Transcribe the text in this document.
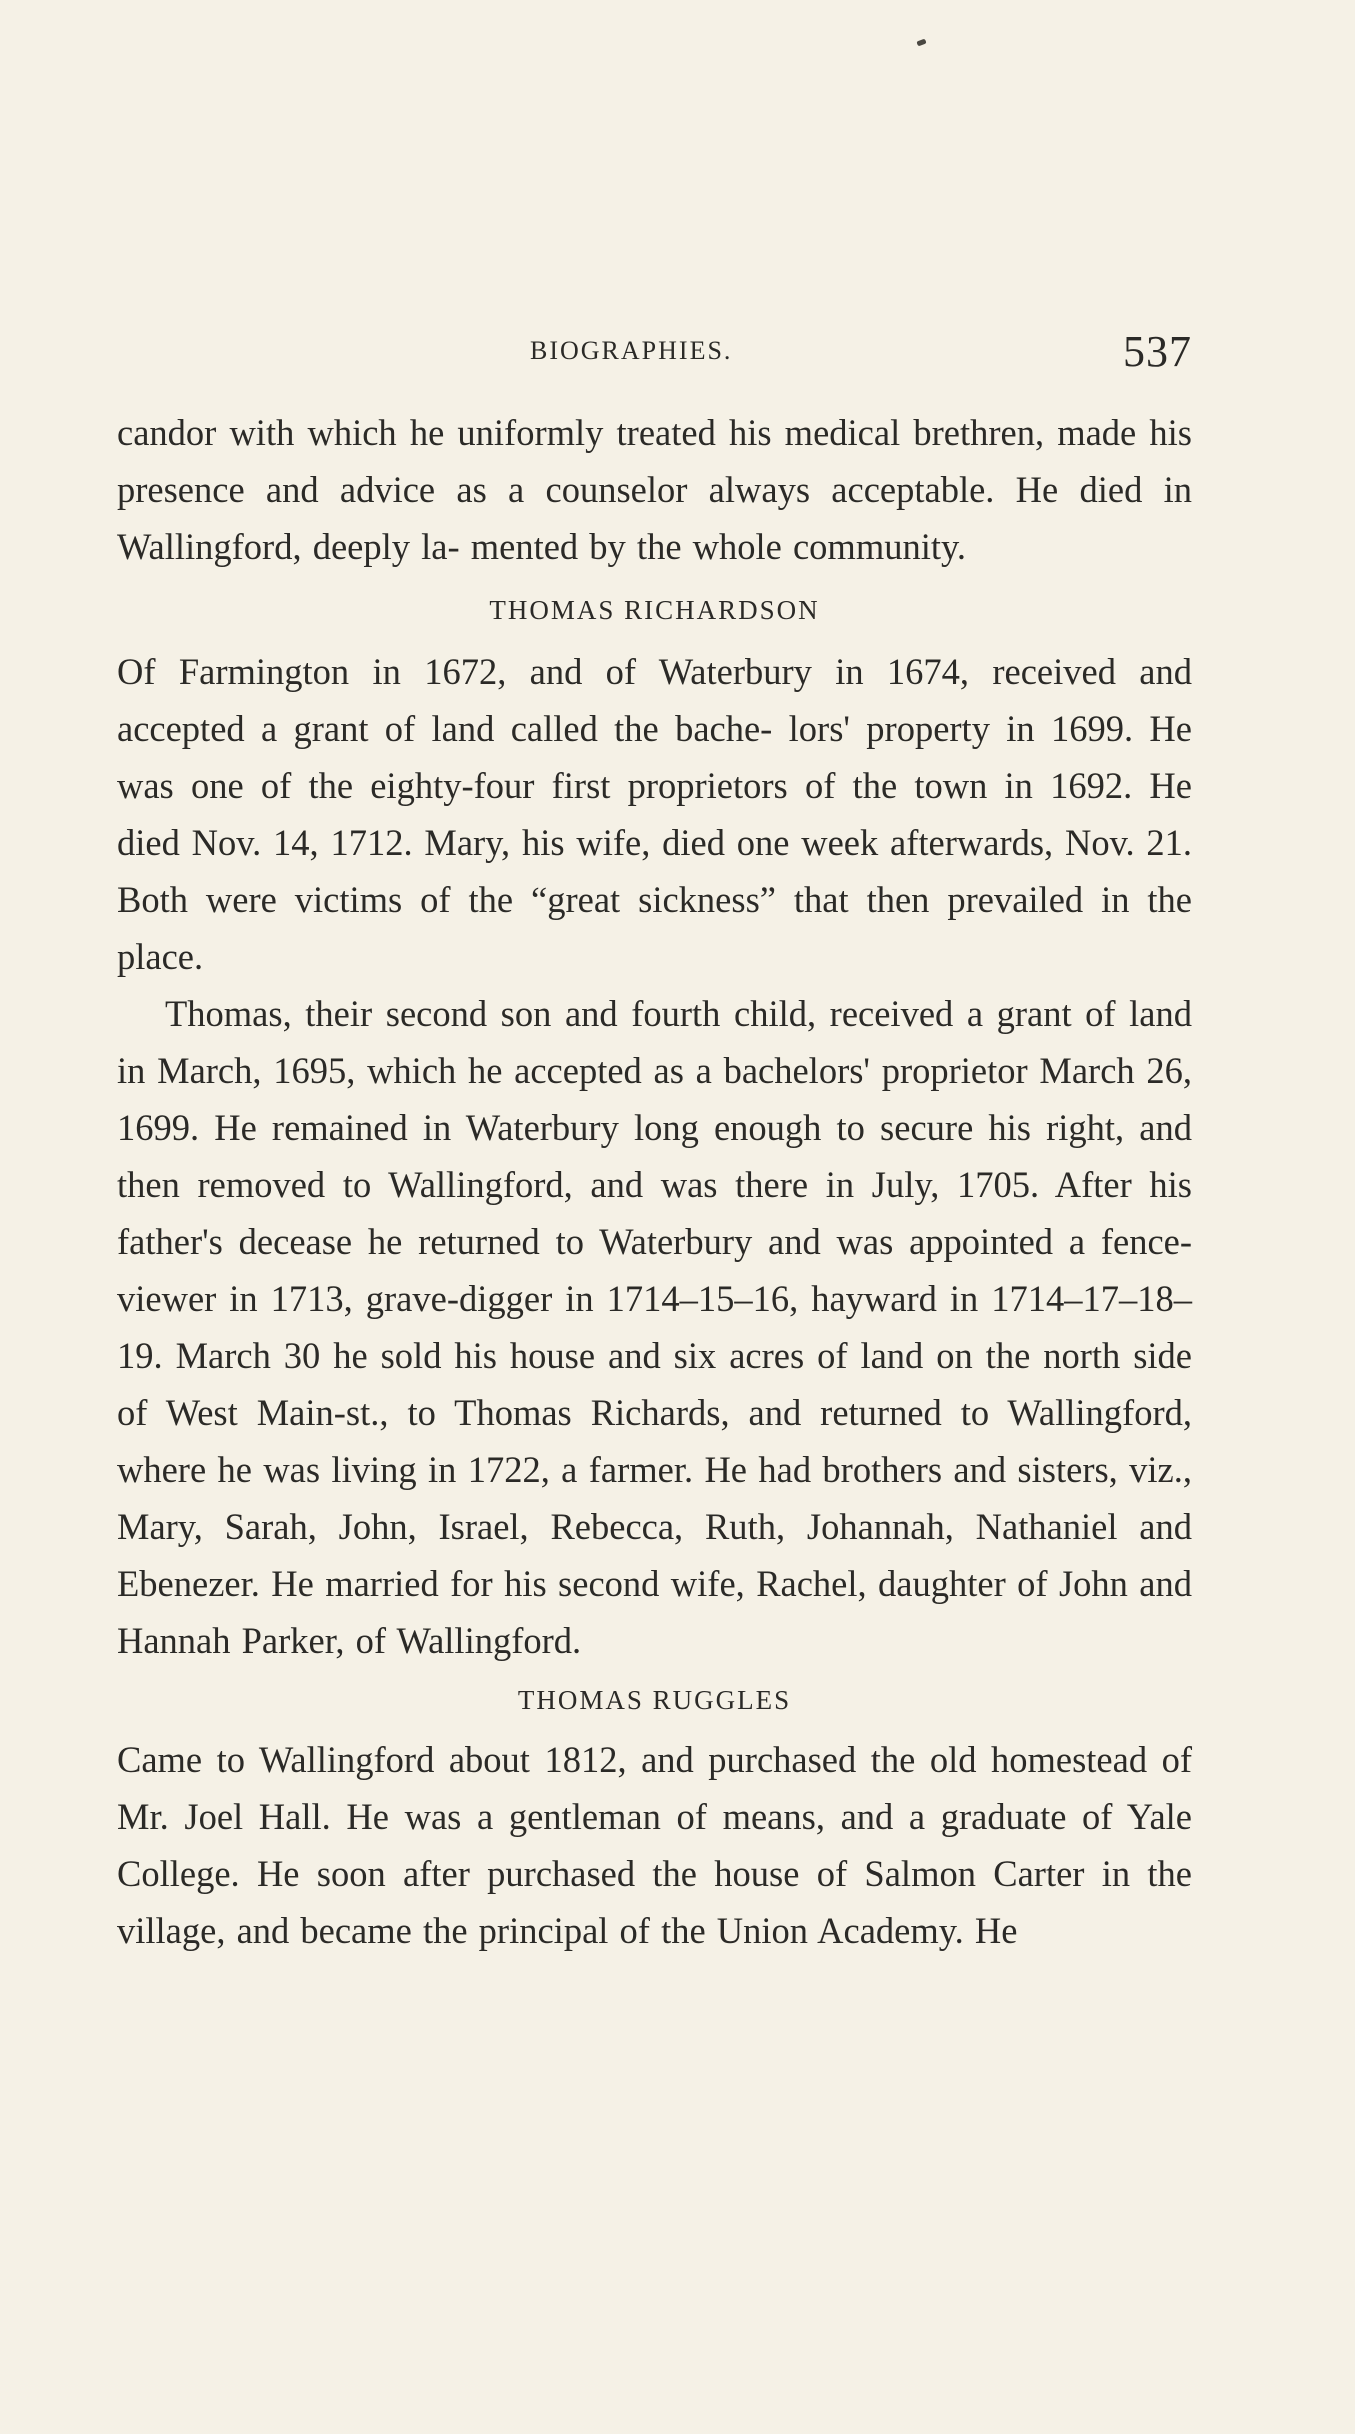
BIOGRAPHIES.	537

candor with which he uniformly treated his medical brethren, made his presence and advice as a counselor always acceptable. He died in Wallingford, deeply la- mented by the whole community.

THOMAS RICHARDSON

Of Farmington in 1672, and of Waterbury in 1674, received and accepted a grant of land called the bache- lors' property in 1699. He was one of the eighty-four first proprietors of the town in 1692. He died Nov. 14, 1712. Mary, his wife, died one week afterwards, Nov. 21. Both were victims of the “great sickness” that then prevailed in the place.

Thomas, their second son and fourth child, received a grant of land in March, 1695, which he accepted as a bachelors' proprietor March 26, 1699. He remained in Waterbury long enough to secure his right, and then removed to Wallingford, and was there in July, 1705. After his father's decease he returned to Waterbury and was appointed a fence-viewer in 1713, grave-digger in 1714–15–16, hayward in 1714–17–18–19. March 30 he sold his house and six acres of land on the north side of West Main-st., to Thomas Richards, and returned to Wallingford, where he was living in 1722, a farmer. He had brothers and sisters, viz., Mary, Sarah, John, Israel, Rebecca, Ruth, Johannah, Nathaniel and Ebenezer. He married for his second wife, Rachel, daughter of John and Hannah Parker, of Wallingford.

THOMAS RUGGLES

Came to Wallingford about 1812, and purchased the old homestead of Mr. Joel Hall. He was a gentleman of means, and a graduate of Yale College. He soon after purchased the house of Salmon Carter in the village, and became the principal of the Union Academy. He
